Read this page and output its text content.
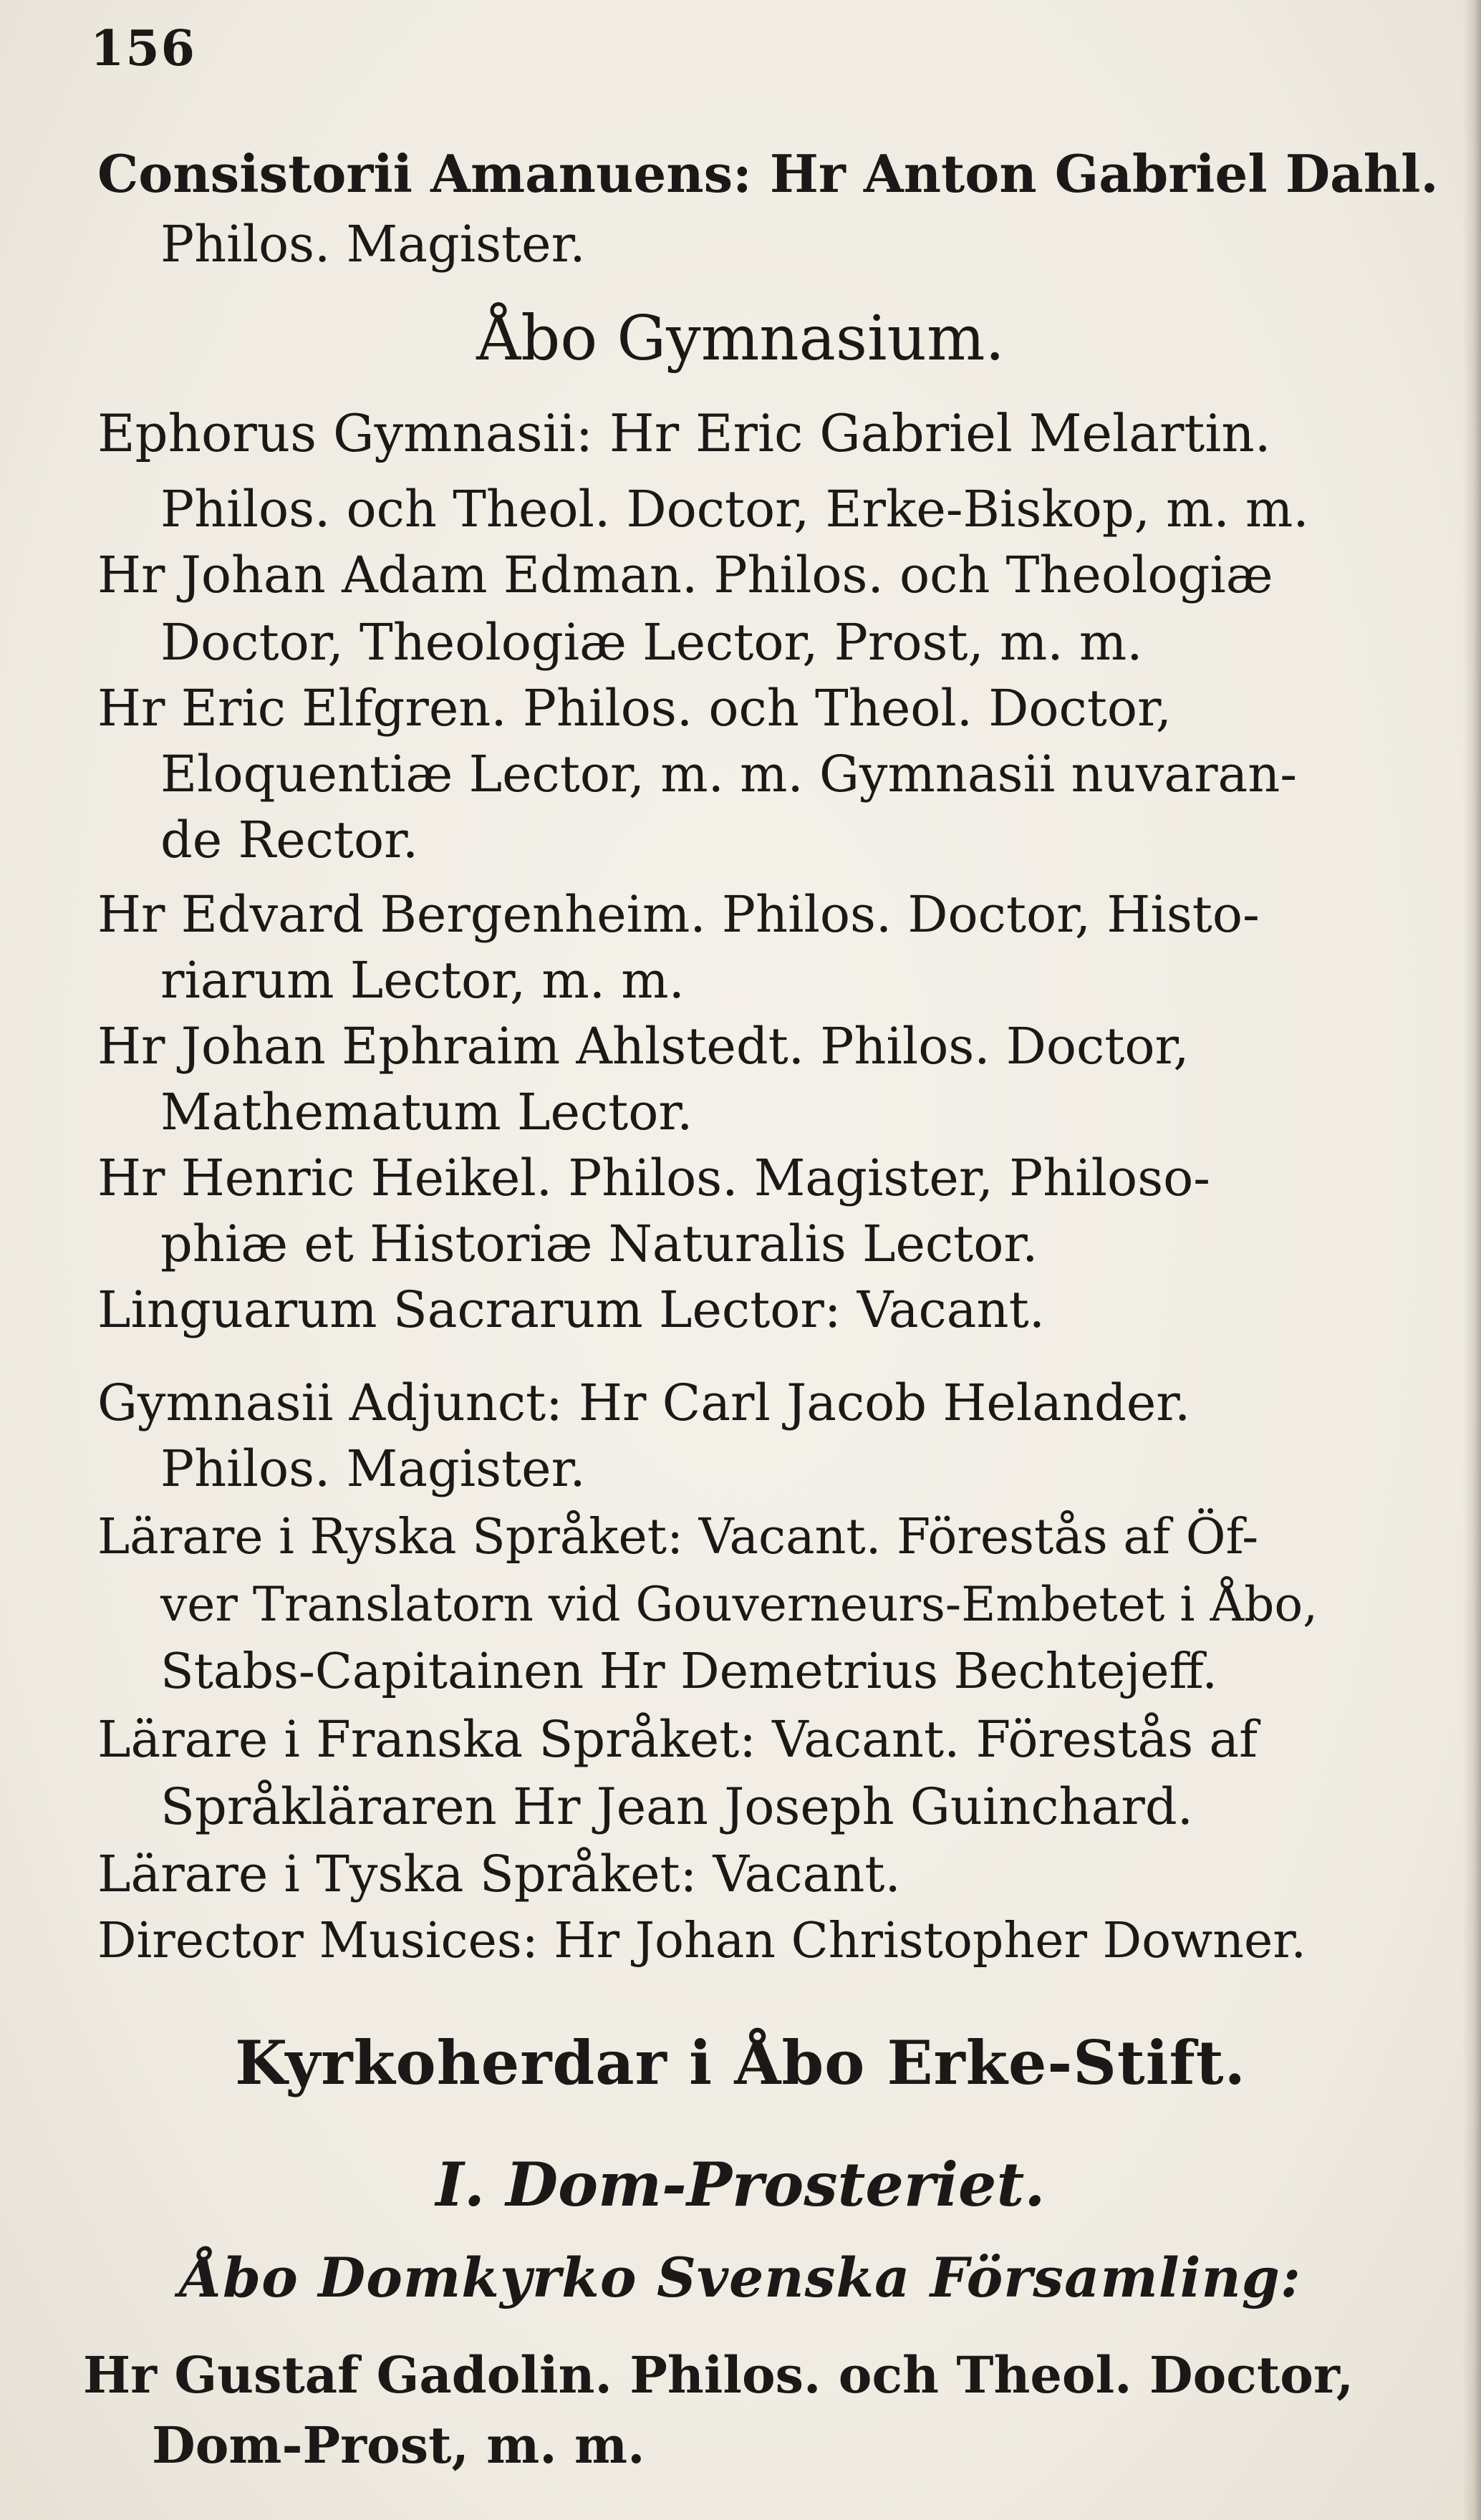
156
Consistorii Amanuens: Hr Anton Gabriel Dahl.
Philos. Magister.
Åbo Gymnasium.
Ephorus Gymnasii: Hr Eric Gabriel Melartin.
Philos. och Theol. Doctor, Erke-Biskop, m. m.
Hr Johan Adam Edman. Philos. och Theologiæ
Doctor, Theologiæ Lector, Prost, m. m.
Hr Eric Elfgren. Philos. och Theol. Doctor,
Eloquentiæ Lector, m. m. Gymnasii nuvaran-
de Rector.
Hr Edvard Bergenheim. Philos. Doctor, Histo-
riarum Lector, m. m.
Hr Johan Ephraim Ahlstedt. Philos. Doctor,
Mathematum Lector.
Hr Henric Heikel. Philos. Magister, Philoso-
phiæ et Historiæ Naturalis Lector.
Linguarum Sacrarum Lector: Vacant.
Gymnasii Adjunct: Hr Carl Jacob Helander.
Philos. Magister.
Lärare i Ryska Språket: Vacant. Förestås af Öf-
ver Translatorn vid Gouverneurs-Embetet i Åbo,
Stabs-Capitainen Hr Demetrius Bechtejeff.
Lärare i Franska Språket: Vacant. Förestås af
Språkläraren Hr Jean Joseph Guinchard.
Lärare i Tyska Språket: Vacant.
Director Musices: Hr Johan Christopher Downer.
Kyrkoherdar i Åbo Erke-Stift.
I. Dom-Prosteriet.
Åbo Domkyrko Svenska Församling:
Hr Gustaf Gadolin. Philos. och Theol. Doctor,
Dom-Prost, m. m.
